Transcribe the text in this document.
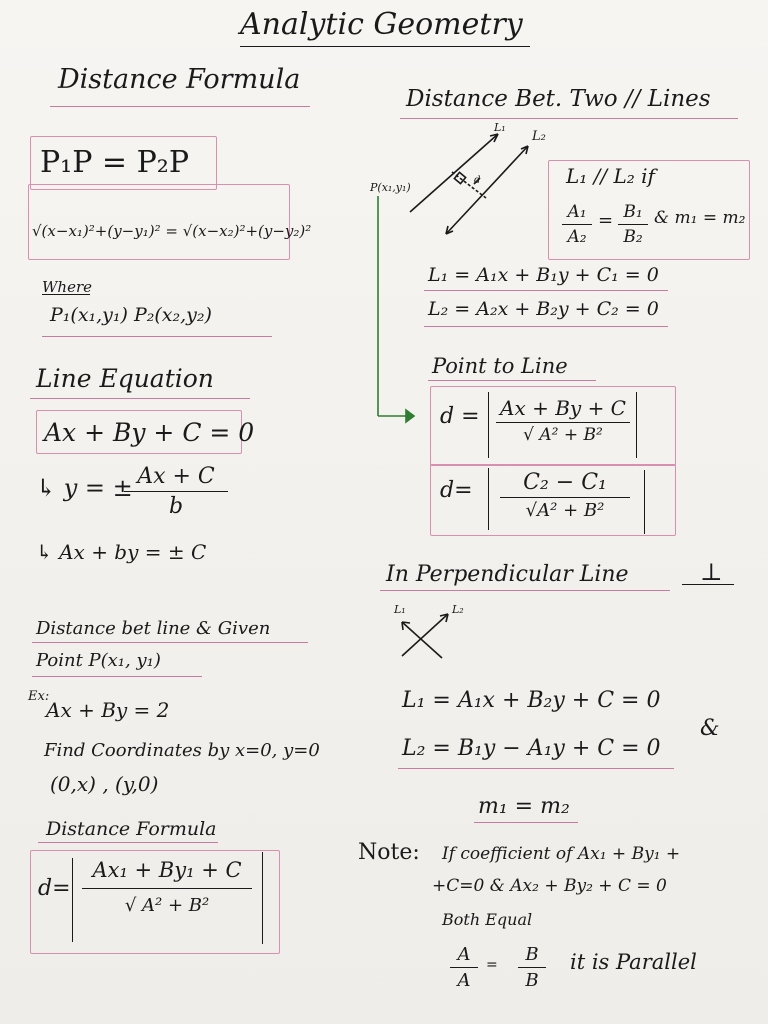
Analytic Geometry
Distance Formula
P₁P = P₂P
√(x−x₁)²+(y−y₁)² = √(x−x₂)²+(y−y₂)²
Where
P₁(x₁,y₁) P₂(x₂,y₂)
Line Equation
Ax + By + C = 0
↳ y = ± Ax + C
b
↳ Ax + by = ± C
Distance bet line & Given
Point P(x₁, y₁)
Ex:
Ax + By = 2
Find Coordinates by x=0, y=0
(0,x) , (y,0)
Distance Formula
d=
Ax₁ + By₁ + C
√ A² + B²
Distance Bet. Two // Lines
L₁
L₂
P(x₁,y₁)
d	L₁ // L₂ if
A₁
A₂
= B₁
B₂
& m₁ = m₂
L₁ = A₁x + B₁y + C₁ = 0
L₂ = A₂x + B₂y + C₂ = 0
Point to Line
d = Ax + By + C
√ A² + B²
d= C₂ − C₁
√A² + B²
In Perpendicular Line	⊥
L₁	L₂
L₁ = A₁x + B₂y + C = 0
&
L₂ = B₁y − A₁y + C = 0
m₁ = m₂
Note: If coefficient of Ax₁ + By₁ +
+C=0 & Ax₂ + By₂ + C = 0
Both Equal
A
A
= B
B
it is Parallel
